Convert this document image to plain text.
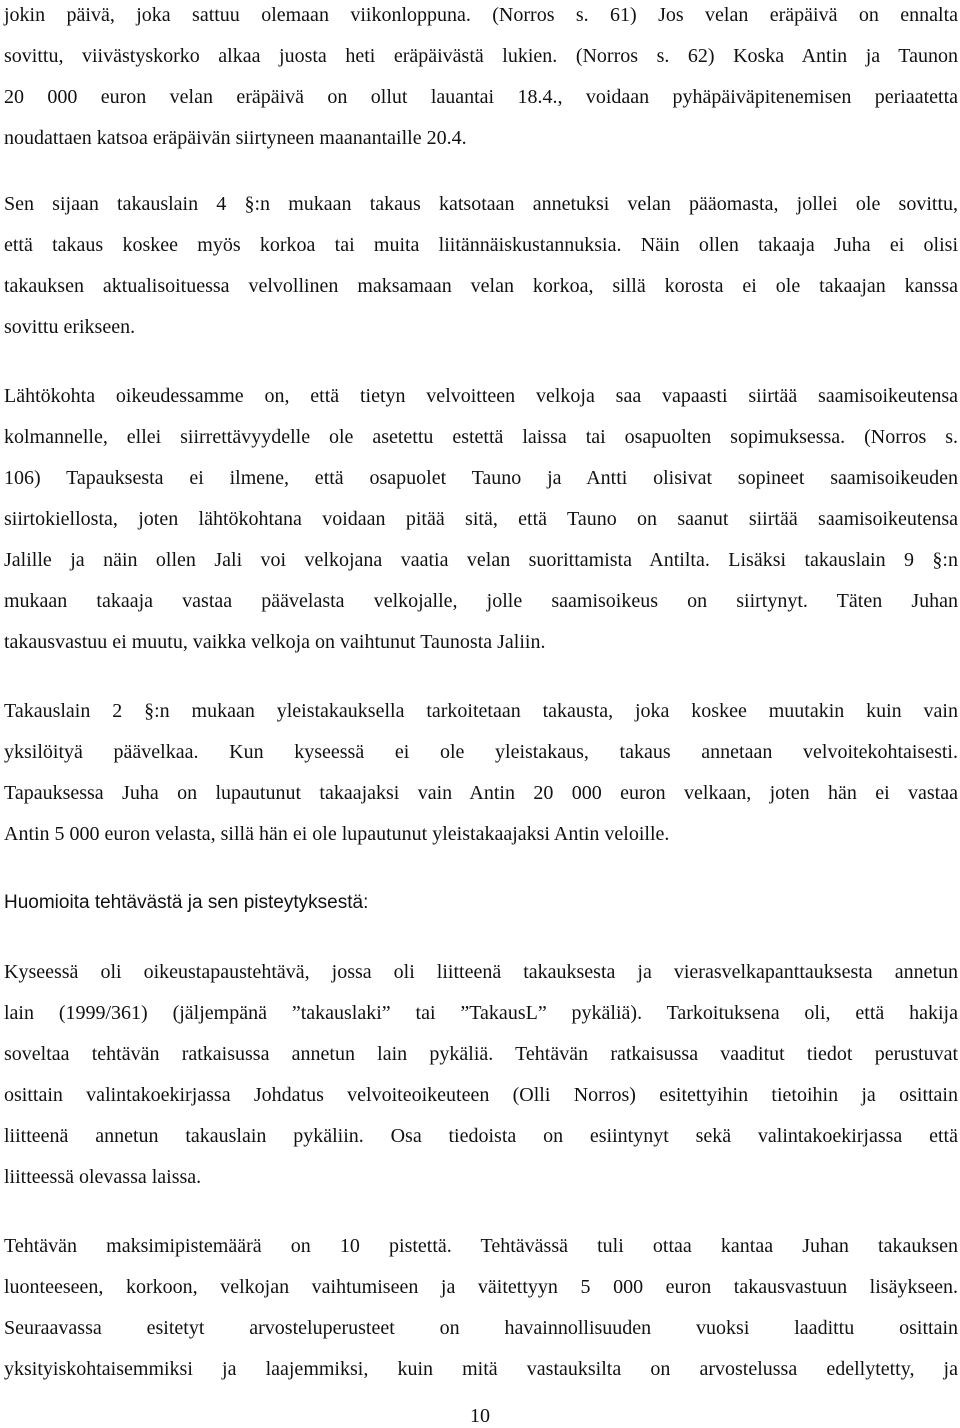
jokin päivä, joka sattuu olemaan viikonloppuna. (Norros s. 61) Jos velan eräpäivä on ennalta
sovittu, viivästyskorko alkaa juosta heti eräpäivästä lukien. (Norros s. 62) Koska Antin ja Taunon
20 000 euron velan eräpäivä on ollut lauantai 18.4., voidaan pyhäpäiväpitenemisen periaatetta
noudattaen katsoa eräpäivän siirtyneen maanantaille 20.4.
Sen sijaan takauslain 4 §:n mukaan takaus katsotaan annetuksi velan pääomasta, jollei ole sovittu,
että takaus koskee myös korkoa tai muita liitännäiskustannuksia. Näin ollen takaaja Juha ei olisi
takauksen aktualisoituessa velvollinen maksamaan velan korkoa, sillä korosta ei ole takaajan kanssa
sovittu erikseen.
Lähtökohta oikeudessamme on, että tietyn velvoitteen velkoja saa vapaasti siirtää saamisoikeutensa
kolmannelle, ellei siirrettävyydelle ole asetettu estettä laissa tai osapuolten sopimuksessa. (Norros s.
106) Tapauksesta ei ilmene, että osapuolet Tauno ja Antti olisivat sopineet saamisoikeuden
siirtokiellosta, joten lähtökohtana voidaan pitää sitä, että Tauno on saanut siirtää saamisoikeutensa
Jalille ja näin ollen Jali voi velkojana vaatia velan suorittamista Antilta. Lisäksi takauslain 9 §:n
mukaan takaaja vastaa päävelasta velkojalle, jolle saamisoikeus on siirtynyt. Täten Juhan
takausvastuu ei muutu, vaikka velkoja on vaihtunut Taunosta Jaliin.
Takauslain 2 §:n mukaan yleistakauksella tarkoitetaan takausta, joka koskee muutakin kuin vain
yksilöityä päävelkaa. Kun kyseessä ei ole yleistakaus, takaus annetaan velvoitekohtaisesti.
Tapauksessa Juha on lupautunut takaajaksi vain Antin 20 000 euron velkaan, joten hän ei vastaa
Antin 5 000 euron velasta, sillä hän ei ole lupautunut yleistakaajaksi Antin veloille.
Huomioita tehtävästä ja sen pisteytyksestä:
Kyseessä oli oikeustapaustehtävä, jossa oli liitteenä takauksesta ja vierasvelkapanttauksesta annetun
lain (1999/361) (jäljempänä ”takauslaki” tai ”TakausL” pykäliä). Tarkoituksena oli, että hakija
soveltaa tehtävän ratkaisussa annetun lain pykäliä. Tehtävän ratkaisussa vaaditut tiedot perustuvat
osittain valintakoekirjassa Johdatus velvoiteoikeuteen (Olli Norros) esitettyihin tietoihin ja osittain
liitteenä annetun takauslain pykäliin. Osa tiedoista on esiintynyt sekä valintakoekirjassa että
liitteessä olevassa laissa.
Tehtävän maksimipistemäärä on 10 pistettä. Tehtävässä tuli ottaa kantaa Juhan takauksen
luonteeseen, korkoon, velkojan vaihtumiseen ja väitettyyn 5 000 euron takausvastuun lisäykseen.
Seuraavassa esitetyt arvosteluperusteet on havainnollisuuden vuoksi laadittu osittain
yksityiskohtaisemmiksi ja laajemmiksi, kuin mitä vastauksilta on arvostelussa edellytetty, ja
10
